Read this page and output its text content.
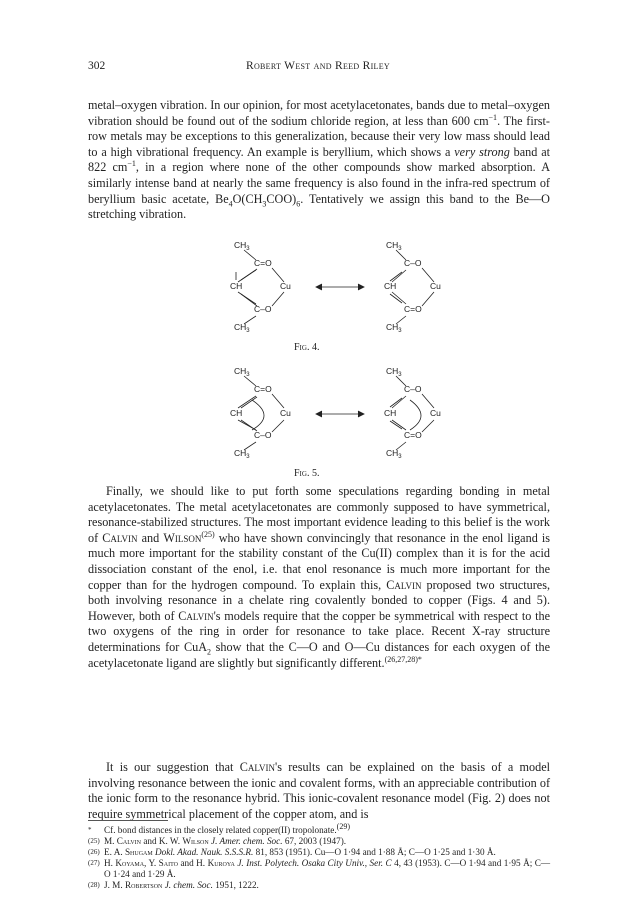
302	Robert West and Reed Riley

metal–oxygen vibration. In our opinion, for most acetylacetonates, bands due to metal–oxygen vibration should be found out of the sodium chloride region, at less than 600 $cm^{-1}$. The first-row metals may be exceptions to this generalization, because their very low mass should lead to a high vibrational frequency. An example is beryllium, which shows a very strong band at 822 $cm^{-1}$, in a region where none of the other compounds show marked absorption. A similarly intense band at nearly the same frequency is also found in the infra-red spectrum of beryllium basic acetate, $Be_4O(CH_3COO)_6$. Tentatively we assign this band to the Be—O stretching vibration.

$CH_3$
C=O
CH	Cu
C–O
$CH_3$
$CH_3$
C–O
CH	Cu
C=O
$CH_3$
Fig. 4.
$CH_3$
C=O
CH	Cu
C–O
$CH_3$
$CH_3$
C–O
CH	Cu
C=O
$CH_3$
Fig. 5.

Finally, we should like to put forth some speculations regarding bonding in metal acetylacetonates. The metal acetylacetonates are commonly supposed to have symmetrical, resonance-stabilized structures. The most important evidence leading to this belief is the work of Calvin and Wilson$^{(25)}$ who have shown convincingly that resonance in the enol ligand is much more important for the stability constant of the Cu(II) complex than it is for the acid dissociation constant of the enol, i.e. that enol resonance is much more important for the copper than for the hydrogen compound. To explain this, Calvin proposed two structures, both involving resonance in a chelate ring covalently bonded to copper (Figs. 4 and 5). However, both of Calvin's models require that the copper be symmetrical with respect to the two oxygens of the ring in order for resonance to take place. Recent X-ray structure determinations for CuA$_2$ show that the C—O and O—Cu distances for each oxygen of the acetylacetonate ligand are slightly but significantly different.$^{(26,27,28)*}$

It is our suggestion that Calvin's results can be explained on the basis of a model involving resonance between the ionic and covalent forms, with an appreciable contribution of the ionic form to the resonance hybrid. This ionic-covalent resonance model (Fig. 2) does not require symmetrical placement of the copper atom, and is

* Cf. bond distances in the closely related copper(II) tropolonate.$^{(29)}$
(25) M. Calvin and K. W. Wilson J. Amer. chem. Soc. 67, 2003 (1947).
(26) E. A. Shugam Dokl. Akad. Nauk. S.S.S.R. 81, 853 (1951). Cu—O 1·94 and 1·88 Å; C—O 1·25 and 1·30 Å.
(27) H. Koyama, Y. Saito and H. Kuroya J. Inst. Polytech. Osaka City Univ., Ser. C 4, 43 (1953). C—O 1·94 and 1·95 Å; C—O 1·24 and 1·29 Å.
(28) J. M. Robertson J. chem. Soc. 1951, 1222.
